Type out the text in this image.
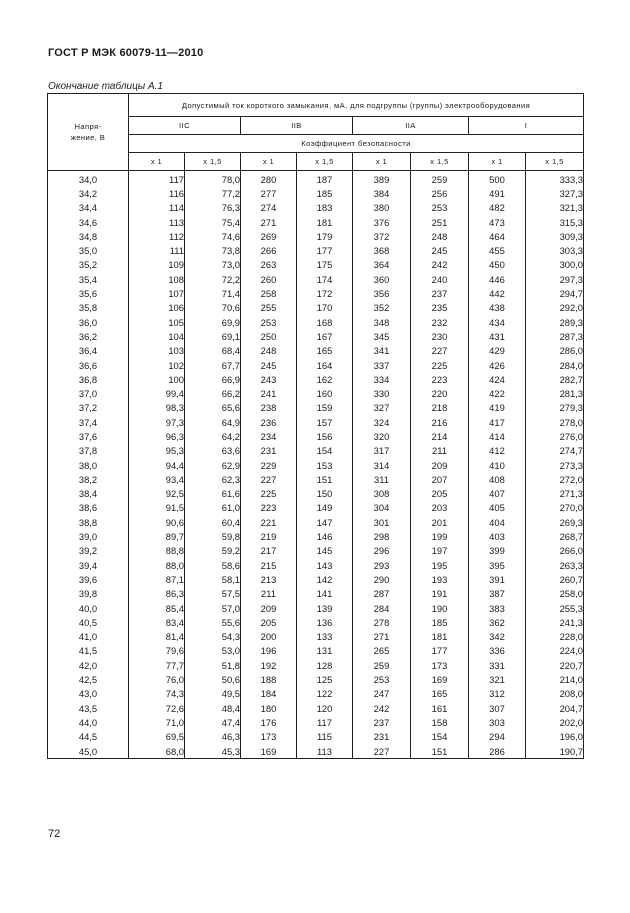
ГОСТ Р МЭК 60079-11—2010
Окончание таблицы А.1
Напря-
жение, В	Допустимый ток короткого замыкания, мА, для подгруппы (группы) электрооборудования							
	IIC		IIB		IIA		I	
	Коэффициент безопасности							
	x 1	x 1,5	x 1	x 1,5	x 1	x 1,5	x 1	x 1,5
34,0	117	78,0	280	187	389	259	500	333,3
34,2	116	77,2	277	185	384	256	491	327,3
34,4	114	76,3	274	183	380	253	482	321,3
34,6	113	75,4	271	181	376	251	473	315,3
34,8	112	74,6	269	179	372	248	464	309,3
35,0	111	73,8	266	177	368	245	455	303,3
35,2	109	73,0	263	175	364	242	450	300,0
35,4	108	72,2	260	174	360	240	446	297,3
35,6	107	71,4	258	172	356	237	442	294,7
35,8	106	70,6	255	170	352	235	438	292,0
36,0	105	69,9	253	168	348	232	434	289,3
36,2	104	69,1	250	167	345	230	431	287,3
36,4	103	68,4	248	165	341	227	429	286,0
36,6	102	67,7	245	164	337	225	426	284,0
36,8	100	66,9	243	162	334	223	424	282,7
37,0	99,4	66,2	241	160	330	220	422	281,3
37,2	98,3	65,6	238	159	327	218	419	279,3
37,4	97,3	64,9	236	157	324	216	417	278,0
37,6	96,3	64,2	234	156	320	214	414	276,0
37,8	95,3	63,6	231	154	317	211	412	274,7
38,0	94,4	62,9	229	153	314	209	410	273,3
38,2	93,4	62,3	227	151	311	207	408	272,0
38,4	92,5	61,6	225	150	308	205	407	271,3
38,6	91,5	61,0	223	149	304	203	405	270,0
38,8	90,6	60,4	221	147	301	201	404	269,3
39,0	89,7	59,8	219	146	298	199	403	268,7
39,2	88,8	59,2	217	145	296	197	399	266,0
39,4	88,0	58,6	215	143	293	195	395	263,3
39,6	87,1	58,1	213	142	290	193	391	260,7
39,8	86,3	57,5	211	141	287	191	387	258,0
40,0	85,4	57,0	209	139	284	190	383	255,3
40,5	83,4	55,6	205	136	278	185	362	241,3
41,0	81,4	54,3	200	133	271	181	342	228,0
41,5	79,6	53,0	196	131	265	177	336	224,0
42,0	77,7	51,8	192	128	259	173	331	220,7
42,5	76,0	50,6	188	125	253	169	321	214,0
43,0	74,3	49,5	184	122	247	165	312	208,0
43,5	72,6	48,4	180	120	242	161	307	204,7
44,0	71,0	47,4	176	117	237	158	303	202,0
44,5	69,5	46,3	173	115	231	154	294	196,0
45,0	68,0	45,3	169	113	227	151	286	190,7
72
